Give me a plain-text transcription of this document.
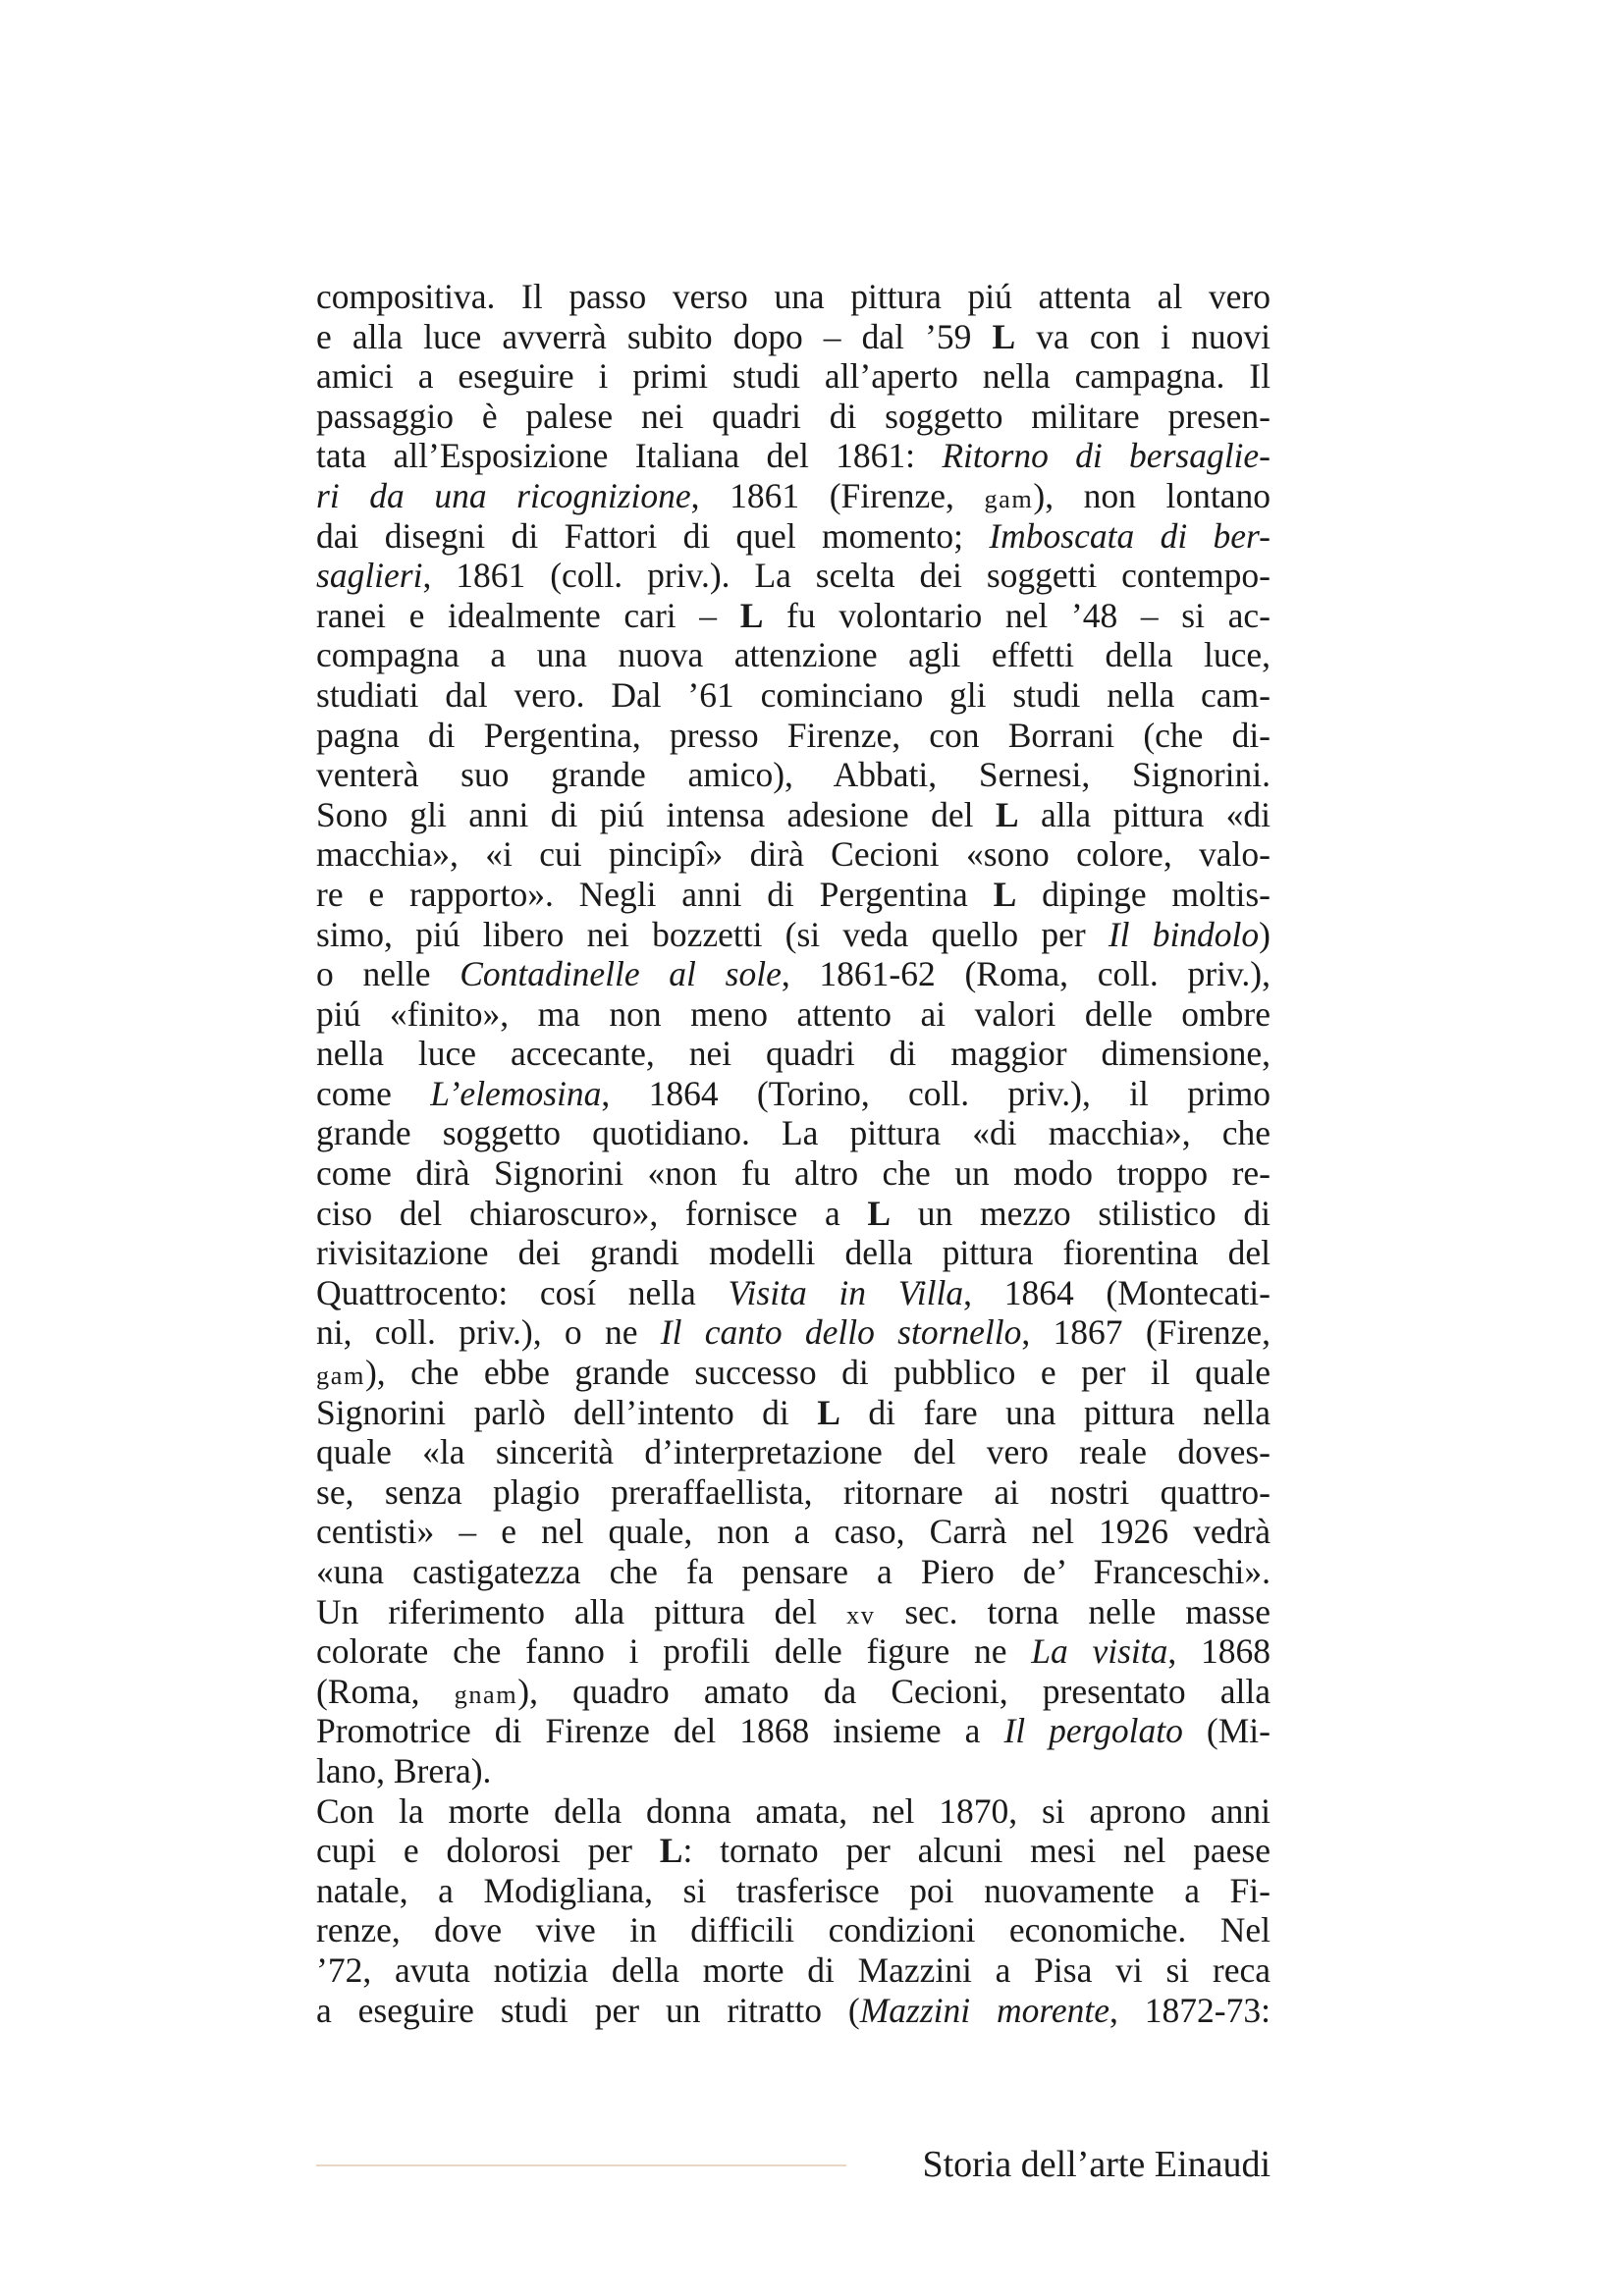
compositiva. Il passo verso una pittura piú attenta al vero
e alla luce avverrà subito dopo – dal ’59 L va con i nuovi
amici a eseguire i primi studi all’aperto nella campagna. Il
passaggio è palese nei quadri di soggetto militare presen-
tata all’Esposizione Italiana del 1861: Ritorno di bersaglie-
ri da una ricognizione, 1861 (Firenze, gam), non lontano
dai disegni di Fattori di quel momento; Imboscata di ber-
saglieri, 1861 (coll. priv.). La scelta dei soggetti contempo-
ranei e idealmente cari – L fu volontario nel ’48 – si ac-
compagna a una nuova attenzione agli effetti della luce,
studiati dal vero. Dal ’61 cominciano gli studi nella cam-
pagna di Pergentina, presso Firenze, con Borrani (che di-
venterà suo grande amico), Abbati, Sernesi, Signorini.
Sono gli anni di piú intensa adesione del L alla pittura «di
macchia», «i cui pincipî» dirà Cecioni «sono colore, valo-
re e rapporto». Negli anni di Pergentina L dipinge moltis-
simo, piú libero nei bozzetti (si veda quello per Il bindolo)
o nelle Contadinelle al sole, 1861-62 (Roma, coll. priv.),
piú «finito», ma non meno attento ai valori delle ombre
nella luce accecante, nei quadri di maggior dimensione,
come L’elemosina, 1864 (Torino, coll. priv.), il primo
grande soggetto quotidiano. La pittura «di macchia», che
come dirà Signorini «non fu altro che un modo troppo re-
ciso del chiaroscuro», fornisce a L un mezzo stilistico di
rivisitazione dei grandi modelli della pittura fiorentina del
Quattrocento: cosí nella Visita in Villa, 1864 (Montecati-
ni, coll. priv.), o ne Il canto dello stornello, 1867 (Firenze,
gam), che ebbe grande successo di pubblico e per il quale
Signorini parlò dell’intento di L di fare una pittura nella
quale «la sincerità d’interpretazione del vero reale doves-
se, senza plagio preraffaellista, ritornare ai nostri quattro-
centisti» – e nel quale, non a caso, Carrà nel 1926 vedrà
«una castigatezza che fa pensare a Piero de’ Franceschi».
Un riferimento alla pittura del xv sec. torna nelle masse
colorate che fanno i profili delle figure ne La visita, 1868
(Roma, gnam), quadro amato da Cecioni, presentato alla
Promotrice di Firenze del 1868 insieme a Il pergolato (Mi-
lano, Brera).
Con la morte della donna amata, nel 1870, si aprono anni
cupi e dolorosi per L: tornato per alcuni mesi nel paese
natale, a Modigliana, si trasferisce poi nuovamente a Fi-
renze, dove vive in difficili condizioni economiche. Nel
’72, avuta notizia della morte di Mazzini a Pisa vi si reca
a eseguire studi per un ritratto (Mazzini morente, 1872-73:
Storia dell’arte Einaudi
